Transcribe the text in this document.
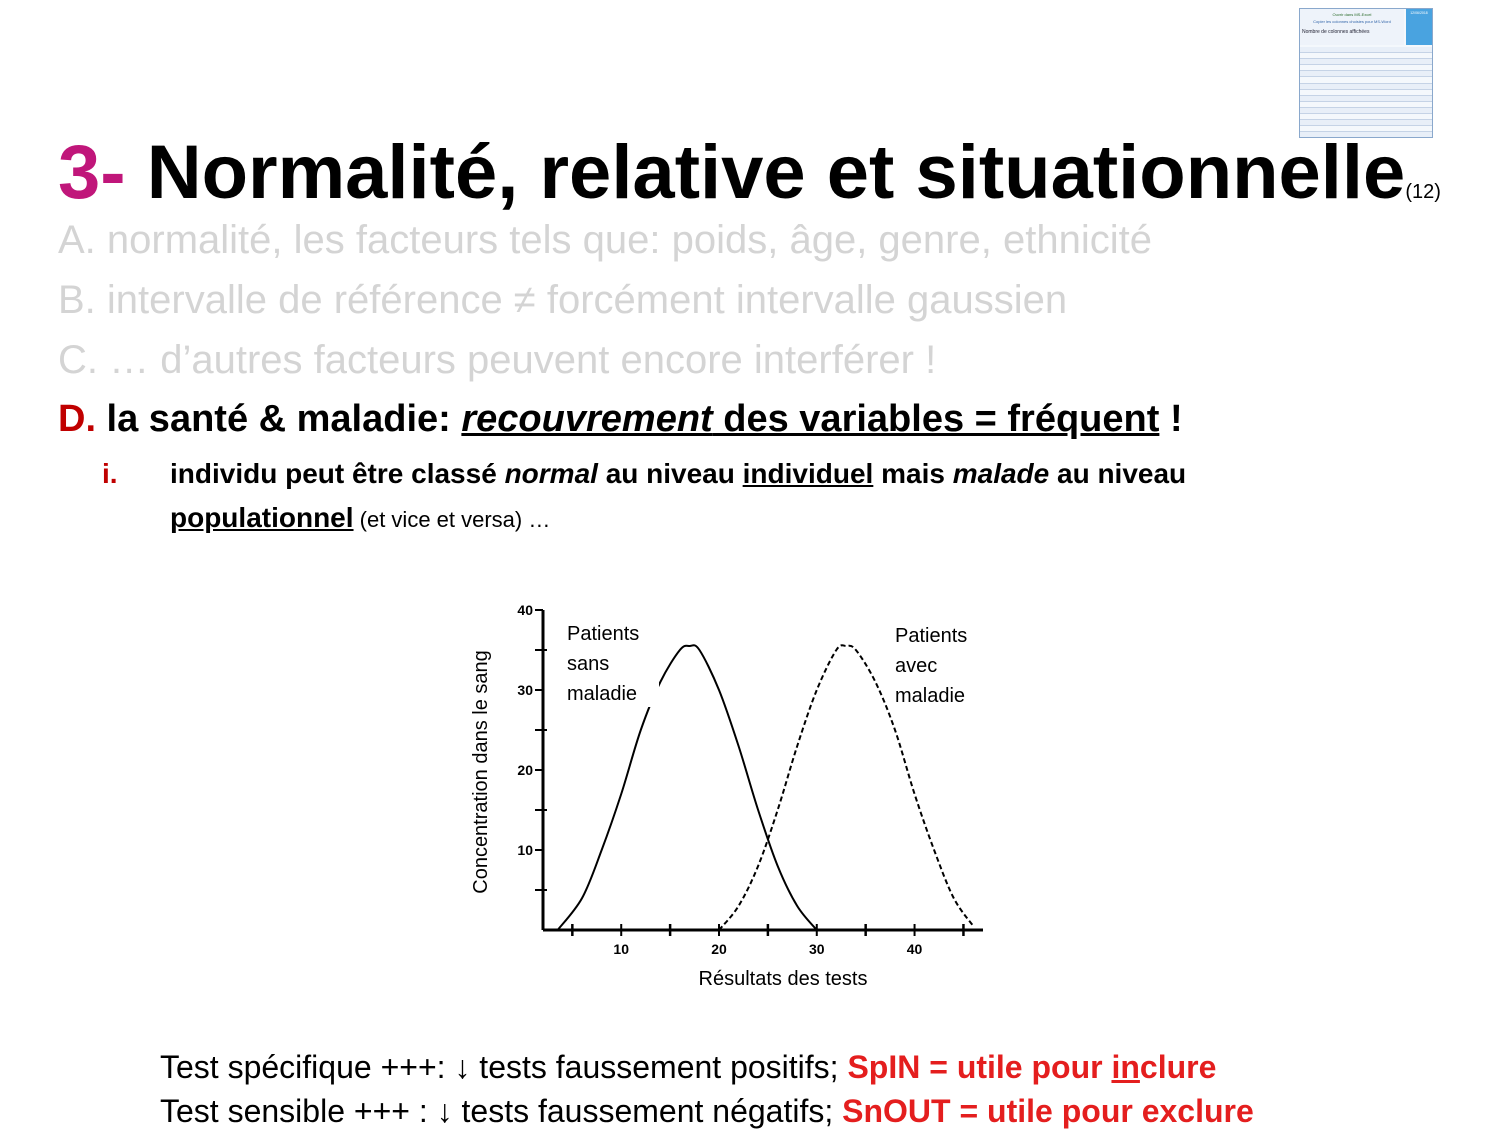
Ouvrir dans MS-Excel
Copier les colonnes choisies pour MS-Word
Nombre de colonnes affichées
12/06/2018
3- Normalité, relative et situationnelle(12)
A. normalité, les facteurs tels que: poids, âge, genre, ethnicité
B. intervalle de référence ≠ forcément intervalle gaussien
C. … d’autres facteurs peuvent encore interférer !
D. la santé & maladie: recouvrement des variables = fréquent !
i. individu peut être classé normal au niveau individuel mais malade au niveau
populationnel (et vice et versa) …
10	20	30	40
10
20
30
40
Résultats des tests
Concentration dans le sang
Patients
sans
maladie
Patients
avec
maladie
Test spécifique +++: ↓ tests faussement positifs; SpIN = utile pour inclure
Test sensible +++ : ↓ tests faussement négatifs; SnOUT = utile pour exclure
